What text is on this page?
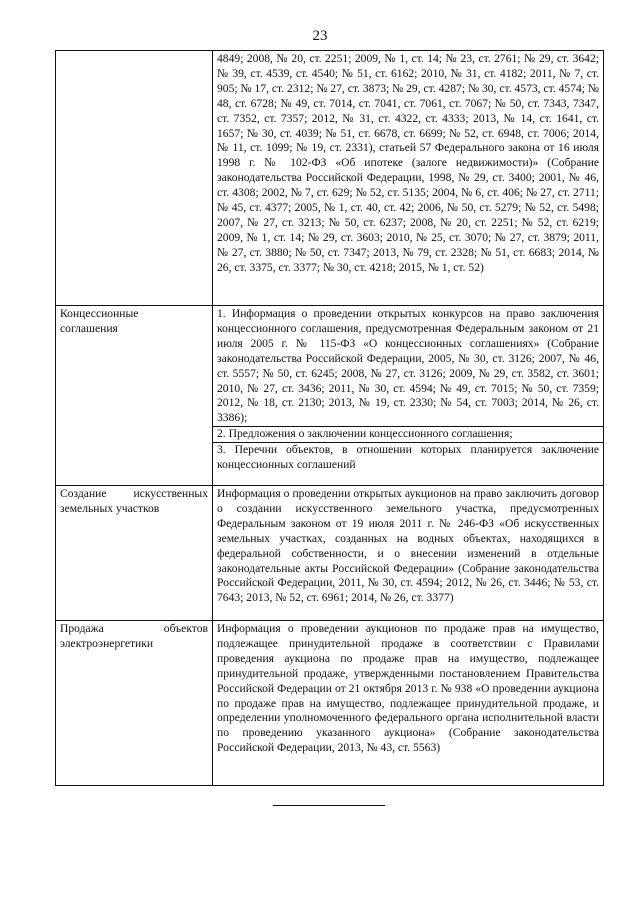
23

	4849; 2008, № 20, ст. 2251; 2009, № 1, ст. 14; № 23, ст. 2761; № 29, ст. 3642; № 39, ст. 4539, ст. 4540; № 51, ст. 6162; 2010, № 31, ст. 4182; 2011, № 7, ст. 905; № 17, ст. 2312; № 27, ст. 3873; № 29, ст. 4287; № 30, ст. 4573, ст. 4574; № 48, ст. 6728; № 49, ст. 7014, ст. 7041, ст. 7061, ст. 7067; № 50, ст. 7343, 7347, ст. 7352, ст. 7357; 2012, № 31, ст. 4322, ст. 4333; 2013, № 14, ст. 1641, ст. 1657; № 30, ст. 4039; № 51, ст. 6678, ст. 6699; № 52, ст. 6948, ст. 7006; 2014, № 11, ст. 1099; № 19, ст. 2331), статьей 57 Федерального закона от 16 июля 1998 г. № 102-ФЗ «Об ипотеке (залоге недвижимости)» (Собрание законодательства Российской Федерации, 1998, № 29, ст. 3400; 2001, № 46, ст. 4308; 2002, № 7, ст. 629; № 52, ст. 5135; 2004, № 6, ст. 406; № 27, ст. 2711; № 45, ст. 4377; 2005, № 1, ст. 40, ст. 42; 2006, № 50, ст. 5279; № 52, ст. 5498; 2007, № 27, ст. 3213; № 50, ст. 6237; 2008, № 20, ст. 2251; № 52, ст. 6219; 2009, № 1, ст. 14; № 29, ст. 3603; 2010, № 25, ст. 3070; № 27, ст. 3879; 2011, № 27, ст. 3880; № 50, ст. 7347; 2013, № 79, ст. 2328; № 51, ст. 6683; 2014, № 26, ст. 3375, ст. 3377; № 30, ст. 4218; 2015, № 1, ст. 52)

Концессионные
соглашения	1. Информация о проведении открытых конкурсов на право заключения концессионного соглашения, предусмотренная Федеральным законом от 21 июля 2005 г. № 115-ФЗ «О концессионных соглашениях» (Собрание законодательства Российской Федерации, 2005, № 30, ст. 3126; 2007, № 46, ст. 5557; № 50, ст. 6245; 2008, № 27, ст. 3126; 2009, № 29, ст. 3582, ст. 3601; 2010, № 27, ст. 3436; 2011, № 30, ст. 4594; № 49, ст. 7015; № 50, ст. 7359; 2012, № 18, ст. 2130; 2013, № 19, ст. 2330; № 54, ст. 7003; 2014, № 26, ст. 3386);
2. Предложения о заключении концессионного соглашения;
3. Перечни объектов, в отношении которых планируется заключение концессионных соглашений

Создание искусственных
земельных участков	Информация о проведении открытых аукционов на право заключить договор о создании искусственного земельного участка, предусмотренных Федеральным законом от 19 июля 2011 г. № 246-ФЗ «Об искусственных земельных участках, созданных на водных объектах, находящихся в федеральной собственности, и о внесении изменений в отдельные законодательные акты Российской Федерации» (Собрание законодательства Российской Федерации, 2011, № 30, ст. 4594; 2012, № 26, ст. 3446; № 53, ст. 7643; 2013, № 52, ст. 6961; 2014, № 26, ст. 3377)

Продажа объектов
электроэнергетики	Информация о проведении аукционов по продаже прав на имущество, подлежащее принудительной продаже в соответствии с Правилами проведения аукциона по продаже прав на имущество, подлежащее принудительной продаже, утвержденными постановлением Правительства Российской Федерации от 21 октября 2013 г. № 938 «О проведении аукциона по продаже прав на имущество, подлежащее принудительной продаже, и определении уполномоченного федерального органа исполнительной власти по проведению указанного аукциона» (Собрание законодательства Российской Федерации, 2013, № 43, ст. 5563)
